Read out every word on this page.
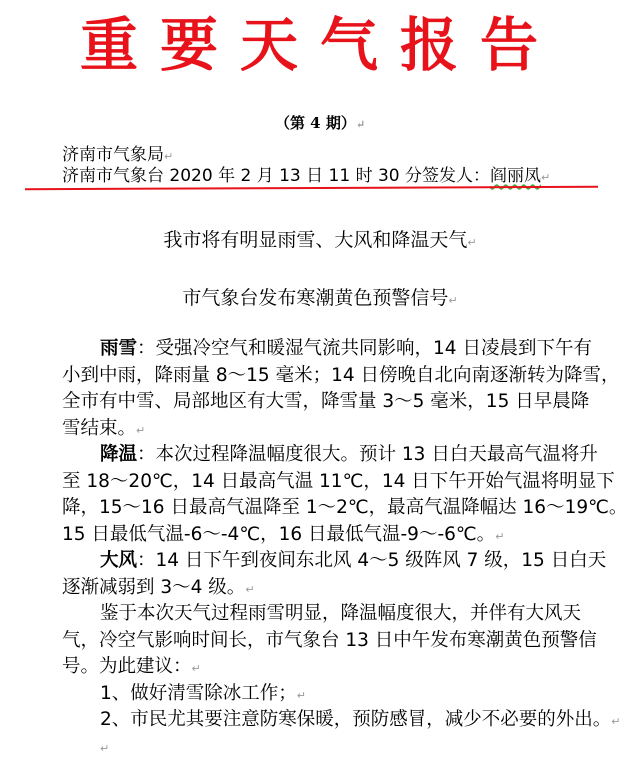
重要天气报告
（第 4 期）↵
济南市气象局↵
济南市气象台 2020 年 2 月 13 日 11 时 30 分签发人：阎丽凤↵
我市将有明显雨雪、大风和降温天气↵
市气象台发布寒潮黄色预警信号↵
雨雪：受强冷空气和暖湿气流共同影响，14 日凌晨到下午有
小到中雨，降雨量 8～15 毫米；14 日傍晚自北向南逐渐转为降雪，
全市有中雪、局部地区有大雪，降雪量 3～5 毫米，15 日早晨降
雪结束。↵
降温：本次过程降温幅度很大。预计 13 日白天最高气温将升
至 18～20℃，14 日最高气温 11℃，14 日下午开始气温将明显下
降，15～16 日最高气温降至 1～2℃，最高气温降幅达 16～19℃。
15 日最低气温-6～-4℃，16 日最低气温-9～-6℃。↵
大风：14 日下午到夜间东北风 4～5 级阵风 7 级，15 日白天
逐渐减弱到 3～4 级。↵
鉴于本次天气过程雨雪明显，降温幅度很大，并伴有大风天
气，冷空气影响时间长，市气象台 13 日中午发布寒潮黄色预警信
号。为此建议：↵
1、做好清雪除冰工作；↵
2、市民尤其要注意防寒保暖，预防感冒，减少不必要的外出。↵
↵
